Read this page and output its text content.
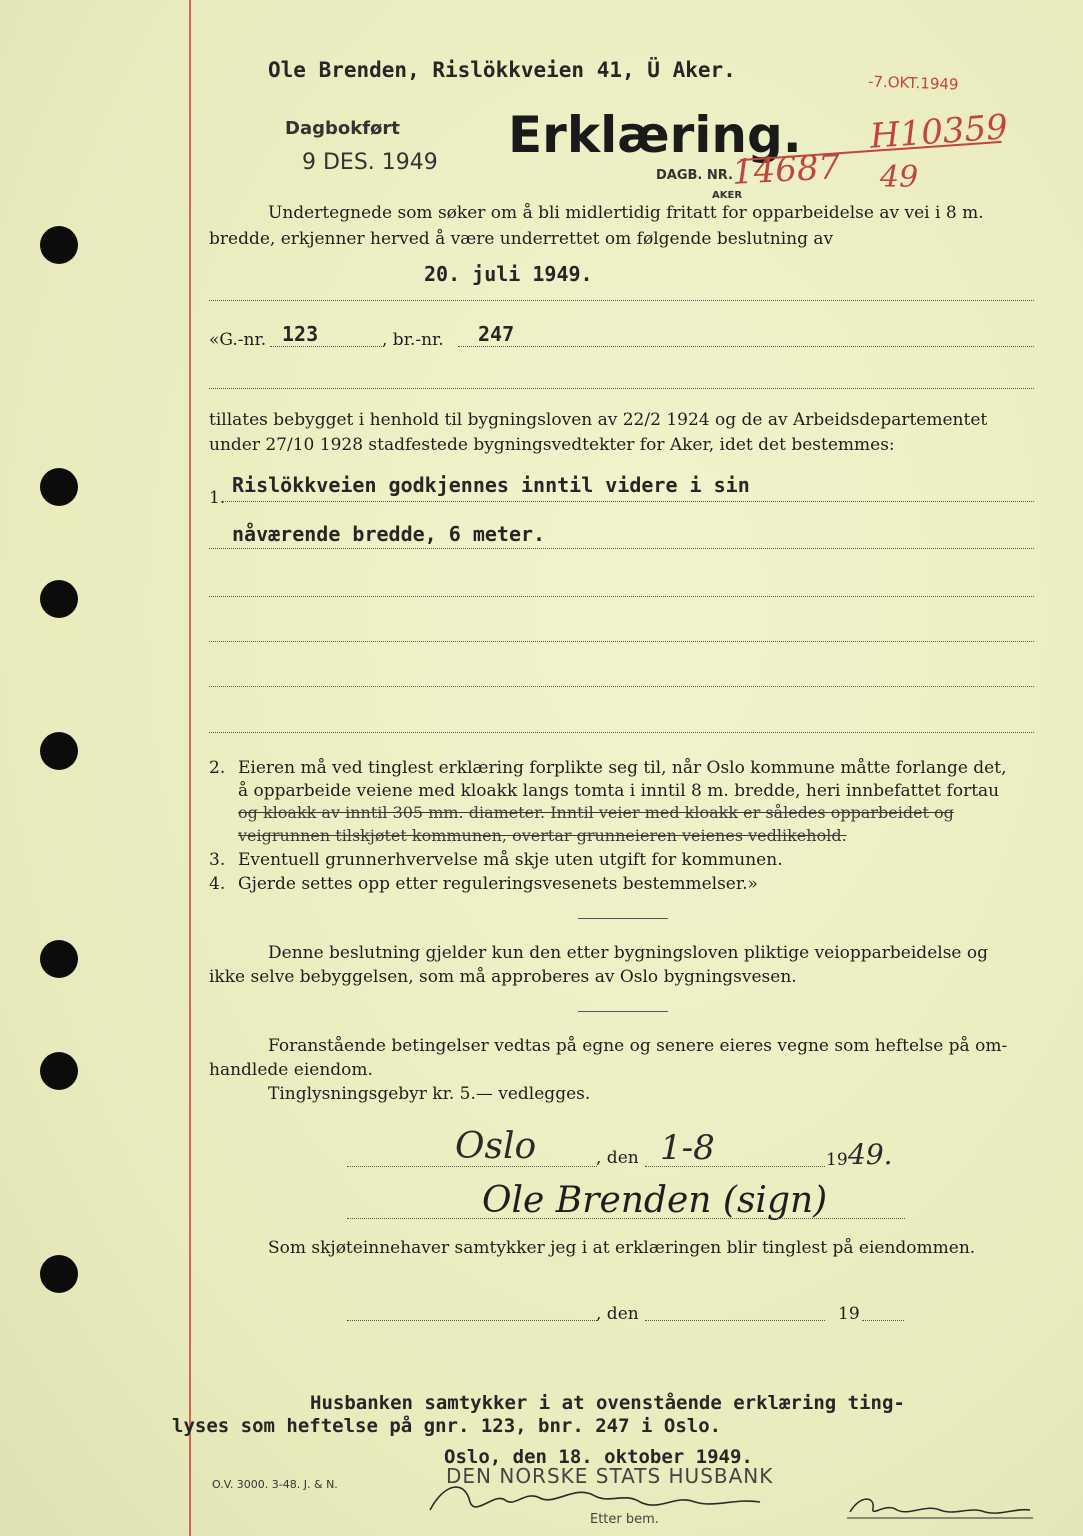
Ole Brenden, Rislökkveien 41, Ü Aker.
-7.OKT.1949
H10359
Dagbokført
9 DES. 1949 Erklæring.
DAGB. NR.
AKER
14687 49
Undertegnede som søker om å bli midlertidig fritatt for opparbeidelse av vei i 8 m.
bredde, erkjenner herved å være underrettet om følgende beslutning av
20. juli 1949.
«G.-nr. 123	, br.-nr. 247
tillates bebygget i henhold til bygningsloven av 22/2 1924 og de av Arbeidsdepartementet
under 27/10 1928 stadfestede bygningsvedtekter for Aker, idet det bestemmes:
1.
Rislökkveien godkjennes inntil videre i sin
nåværende bredde, 6 meter.
2. Eieren må ved tinglest erklæring forplikte seg til, når Oslo kommune måtte forlange det,
å opparbeide veiene med kloakk langs tomta i inntil 8 m. bredde, heri innbefattet fortau
og kloakk av inntil 305 mm. diameter. Inntil veier med kloakk er således opparbeidet og
veigrunnen tilskjøtet kommunen, overtar grunneieren veienes vedlikehold.
3. Eventuell grunnerhvervelse må skje uten utgift for kommunen.
4. Gjerde settes opp etter reguleringsvesenets bestemmelser.»
Denne beslutning gjelder kun den etter bygningsloven pliktige veiopparbeidelse og
ikke selve bebyggelsen, som må approberes av Oslo bygningsvesen.
Foranstående betingelser vedtas på egne og senere eieres vegne som heftelse på om-
handlede eiendom.
Tinglysningsgebyr kr. 5.— vedlegges.
Oslo	, den 1-8	19 49.
Ole Brenden (sign)
Som skjøteinnehaver samtykker jeg i at erklæringen blir tinglest på eiendommen.
, den	19
Husbanken samtykker i at ovenstående erklæring ting-
lyses som heftelse på gnr. 123, bnr. 247 i Oslo.
Oslo, den 18. oktober 1949.
DEN NORSKE STATS HUSBANK
Etter bem.
O.V. 3000. 3-48. J. & N.
